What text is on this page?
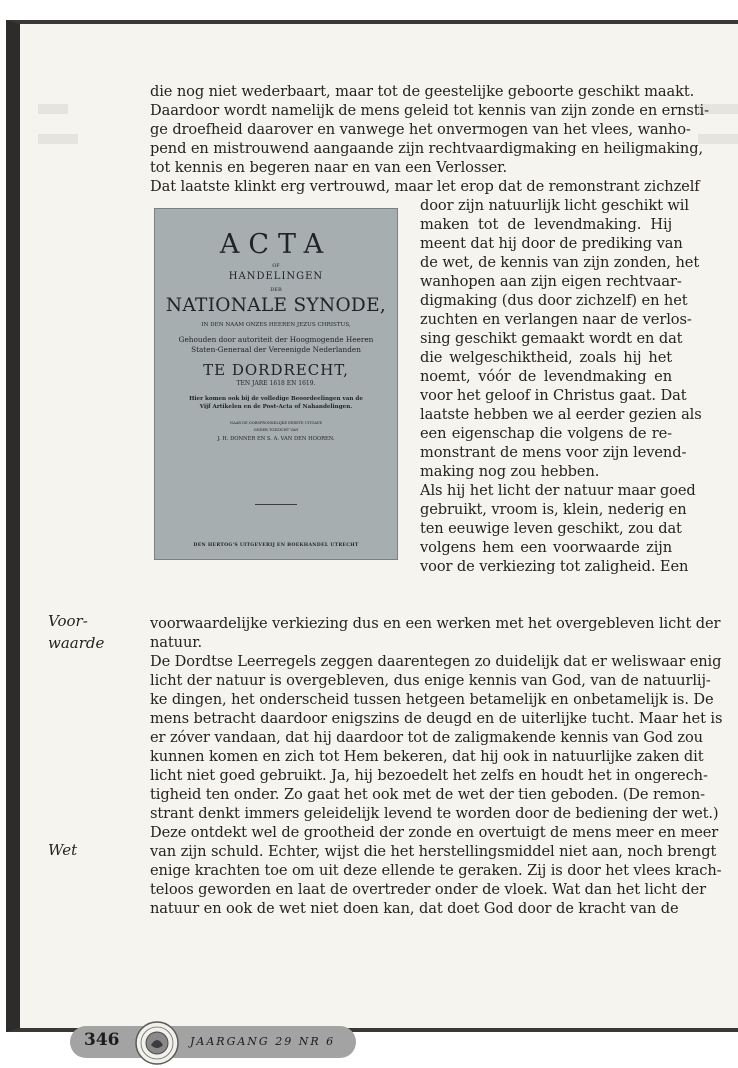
die nog niet wederbaart, maar tot de geestelijke geboorte geschikt maakt.
Daardoor wordt namelijk de mens geleid tot kennis van zijn zonde en ernsti-
ge droefheid daarover en vanwege het onvermogen van het vlees, wanho-
pend en mistrouwend aangaande zijn rechtvaardigmaking en heiligmaking,
tot kennis en begeren naar en van een Verlosser.
Dat laatste klinkt erg vertrouwd, maar let erop dat de remonstrant zichzelf
door zijn natuurlijk licht geschikt wil
maken tot de levendmaking. Hij
meent dat hij door de prediking van
de wet, de kennis van zijn zonden, het
wanhopen aan zijn eigen rechtvaar-
digmaking (dus door zichzelf) en het
zuchten en verlangen naar de verlos-
sing geschikt gemaakt wordt en dat
die welgeschiktheid, zoals hij het
noemt, vóór de levendmaking en
voor het geloof in Christus gaat. Dat
laatste hebben we al eerder gezien als
een eigenschap die volgens de re-
monstrant de mens voor zijn levend-
making nog zou hebben.
Als hij het licht der natuur maar goed
gebruikt, vroom is, klein, nederig en
ten eeuwige leven geschikt, zou dat
volgens hem een voorwaarde zijn
voor de verkiezing tot zaligheid. Een
voorwaardelijke verkiezing dus en een werken met het overgebleven licht der
natuur.
De Dordtse Leerregels zeggen daarentegen zo duidelijk dat er weliswaar enig
licht der natuur is overgebleven, dus enige kennis van God, van de natuurlij-
ke dingen, het onderscheid tussen hetgeen betamelijk en onbetamelijk is. De
mens betracht daardoor enigszins de deugd en de uiterlijke tucht. Maar het is
er zóver vandaan, dat hij daardoor tot de zaligmakende kennis van God zou
kunnen komen en zich tot Hem bekeren, dat hij ook in natuurlijke zaken dit
licht niet goed gebruikt. Ja, hij bezoedelt het zelfs en houdt het in ongerech-
tigheid ten onder. Zo gaat het ook met de wet der tien geboden. (De remon-
strant denkt immers geleidelijk levend te worden door de bediening der wet.)
Deze ontdekt wel de grootheid der zonde en overtuigt de mens meer en meer
van zijn schuld. Echter, wijst die het herstellingsmiddel niet aan, noch brengt
enige krachten toe om uit deze ellende te geraken. Zij is door het vlees krach-
teloos geworden en laat de overtreder onder de vloek. Wat dan het licht der
natuur en ook de wet niet doen kan, dat doet God door de kracht van de
Voor-
waarde
Wet
ACTA
OF
HANDELINGEN
DER
NATIONALE SYNODE,
IN DEN NAAM ONZES HEEREN JEZUS CHRISTUS,
Gehouden door autoriteit der Hoogmogende Heeren
Staten-Generaal der Vereenigde Nederlanden
TE DORDRECHT,
TEN JARE 1618 EN 1619.
Hier komen ook bij de volledige Beoordeelingen van de
Vijf Artikelen en de Post-Acta of Nahandelingen.
NAAR DE OORSPRONKELIJKE EERSTE UITGAVE
ONDER TOEZICHT VAN
J. H. DONNER EN S. A. VAN DEN HOOREN.
DEN HERTOG'S UITGEVERIJ EN BOEKHANDEL UTRECHT
346	JAARGANG 29 NR 6
